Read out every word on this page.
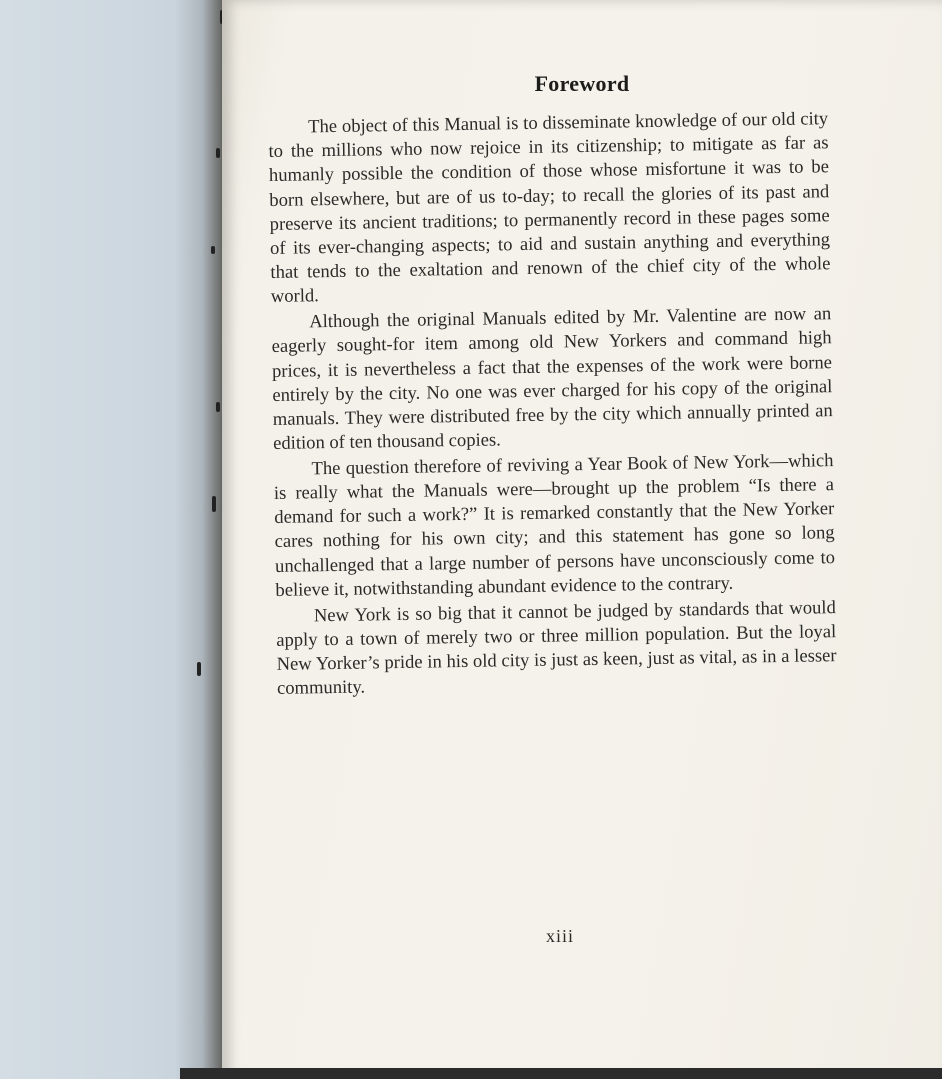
Foreword

The object of this Manual is to disseminate knowledge of our old city to the millions who now rejoice in its citizenship; to mitigate as far as humanly possible the condition of those whose misfortune it was to be born elsewhere, but are of us to-day; to recall the glories of its past and preserve its ancient traditions; to permanently record in these pages some of its ever-changing aspects; to aid and sustain anything and everything that tends to the exaltation and renown of the chief city of the whole world.

Although the original Manuals edited by Mr. Valentine are now an eagerly sought-for item among old New Yorkers and command high prices, it is nevertheless a fact that the expenses of the work were borne entirely by the city. No one was ever charged for his copy of the original manuals. They were distributed free by the city which annually printed an edition of ten thousand copies.

The question therefore of reviving a Year Book of New York—which is really what the Manuals were—brought up the problem “Is there a demand for such a work?” It is remarked constantly that the New Yorker cares nothing for his own city; and this statement has gone so long unchallenged that a large number of persons have unconsciously come to believe it, notwithstanding abundant evidence to the contrary.

New York is so big that it cannot be judged by standards that would apply to a town of merely two or three million population. But the loyal New Yorker’s pride in his old city is just as keen, just as vital, as in a lesser community.

xiii
